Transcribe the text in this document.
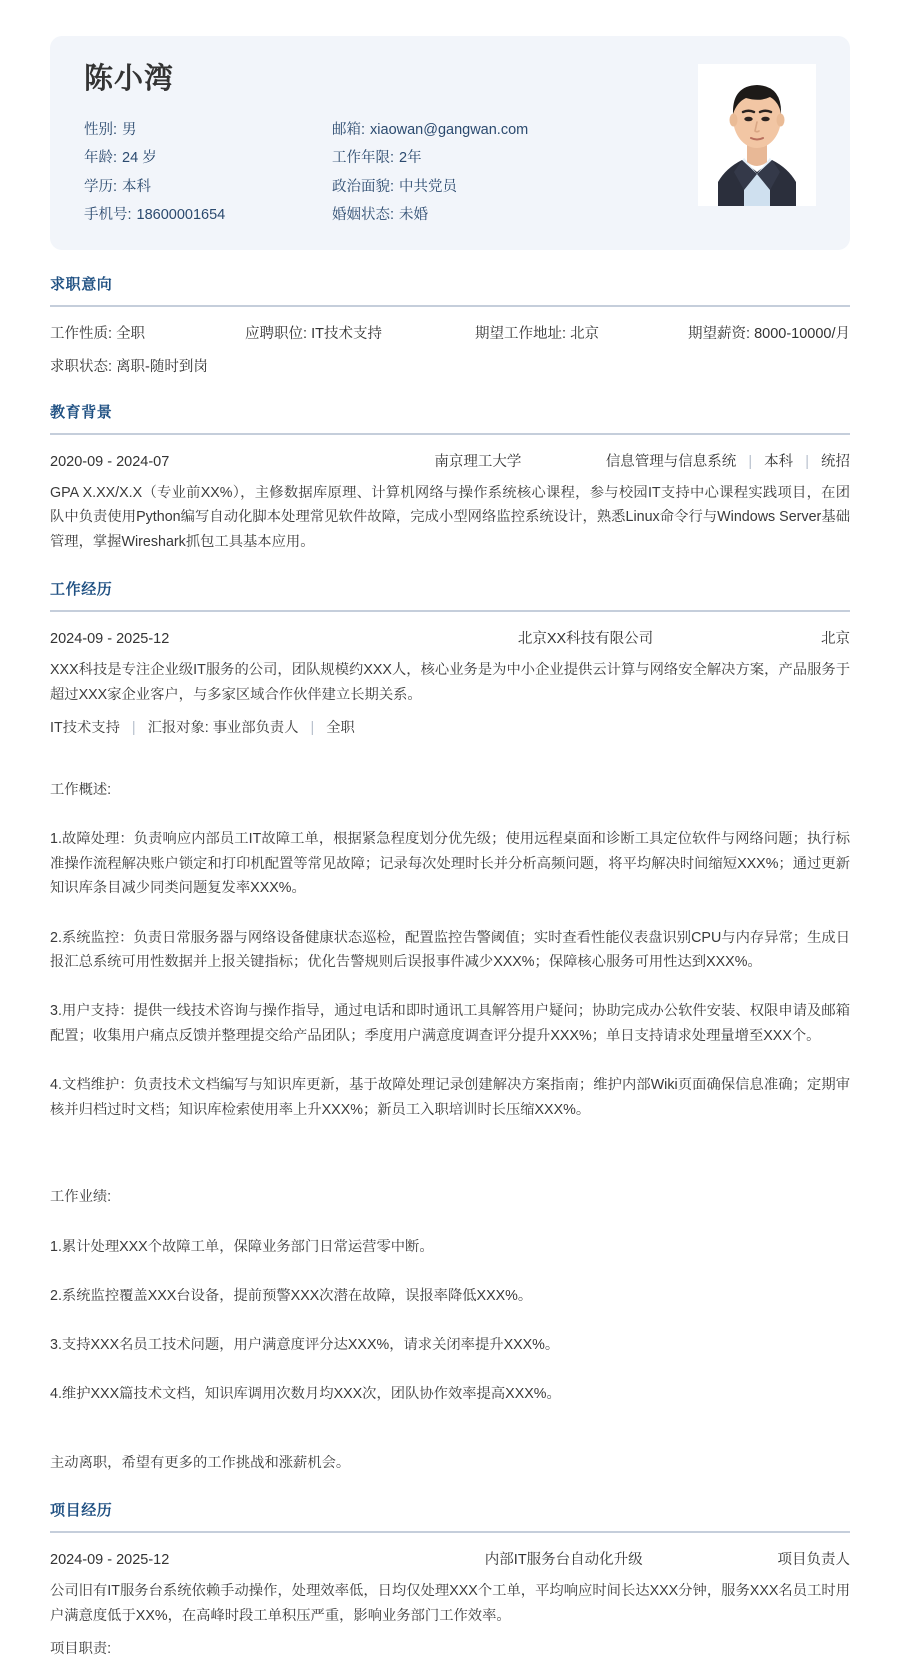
陈小湾
性别: 男	邮箱: xiaowan@gangwan.com
年龄: 24 岁	工作年限: 2年
学历: 本科	政治面貌: 中共党员
手机号: 18600001654	婚姻状态: 未婚
求职意向
工作性质: 全职	应聘职位: IT技术支持	期望工作地址: 北京	期望薪资: 8000-10000/月
求职状态: 离职-随时到岗
教育背景
2020-09 - 2024-07	南京理工大学	信息管理与信息系统 | 本科 | 统招
GPA X.XX/X.X（专业前XX%），主修数据库原理、计算机网络与操作系统核心课程，参与校园IT支持中心课程实践项目，在团队中负责使用Python编写自动化脚本处理常见软件故障，完成小型网络监控系统设计，熟悉Linux命令行与Windows Server基础管理，掌握Wireshark抓包工具基本应用。
工作经历
2024-09 - 2025-12	北京XX科技有限公司	北京
XXX科技是专注企业级IT服务的公司，团队规模约XXX人，核心业务是为中小企业提供云计算与网络安全解决方案，产品服务于超过XXX家企业客户，与多家区域合作伙伴建立长期关系。
IT技术支持 | 汇报对象: 事业部负责人 | 全职

工作概述:

1.故障处理：负责响应内部员工IT故障工单，根据紧急程度划分优先级；使用远程桌面和诊断工具定位软件与网络问题；执行标准操作流程解决账户锁定和打印机配置等常见故障；记录每次处理时长并分析高频问题，将平均解决时间缩短XXX%；通过更新知识库条目减少同类问题复发率XXX%。

2.系统监控：负责日常服务器与网络设备健康状态巡检，配置监控告警阈值；实时查看性能仪表盘识别CPU与内存异常；生成日报汇总系统可用性数据并上报关键指标；优化告警规则后误报事件减少XXX%；保障核心服务可用性达到XXX%。

3.用户支持：提供一线技术咨询与操作指导，通过电话和即时通讯工具解答用户疑问；协助完成办公软件安装、权限申请及邮箱配置；收集用户痛点反馈并整理提交给产品团队；季度用户满意度调查评分提升XXX%；单日支持请求处理量增至XXX个。

4.文档维护：负责技术文档编写与知识库更新，基于故障处理记录创建解决方案指南；维护内部Wiki页面确保信息准确；定期审核并归档过时文档；知识库检索使用率上升XXX%；新员工入职培训时长压缩XXX%。

工作业绩:

1.累计处理XXX个故障工单，保障业务部门日常运营零中断。

2.系统监控覆盖XXX台设备，提前预警XXX次潜在故障，误报率降低XXX%。

3.支持XXX名员工技术问题，用户满意度评分达XXX%，请求关闭率提升XXX%。

4.维护XXX篇技术文档，知识库调用次数月均XXX次，团队协作效率提高XXX%。

主动离职，希望有更多的工作挑战和涨薪机会。
项目经历
2024-09 - 2025-12	内部IT服务台自动化升级	项目负责人
公司旧有IT服务台系统依赖手动操作，处理效率低，日均仅处理XXX个工单，平均响应时间长达XXX分钟，服务XXX名员工时用户满意度低于XX%，在高峰时段工单积压严重，影响业务部门工作效率。
项目职责:
